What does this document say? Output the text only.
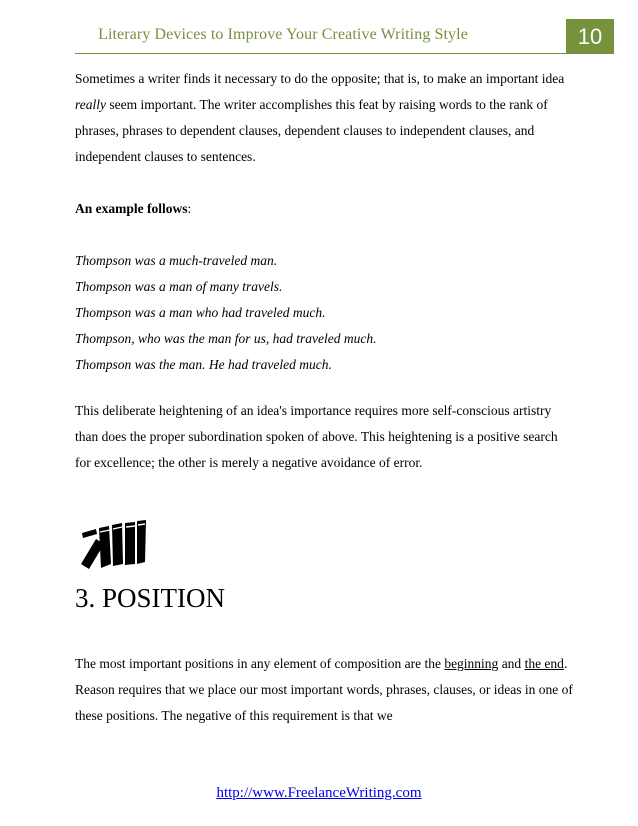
Literary Devices to Improve Your Creative Writing Style	10

Sometimes a writer finds it necessary to do the opposite; that is, to make an important idea really seem important. The writer accomplishes this feat by raising words to the rank of phrases, phrases to dependent clauses, dependent clauses to independent clauses, and independent clauses to sentences.

An example follows:

Thompson was a much-traveled man.
Thompson was a man of many travels.
Thompson was a man who had traveled much.
Thompson, who was the man for us, had traveled much.
Thompson was the man. He had traveled much.

This deliberate heightening of an idea's importance requires more self-conscious artistry than does the proper subordination spoken of above. This heightening is a positive search for excellence; the other is merely a negative avoidance of error.

3. POSITION

The most important positions in any element of composition are the beginning and the end. Reason requires that we place our most important words, phrases, clauses, or ideas in one of these positions. The negative of this requirement is that we

http://www.FreelanceWriting.com
